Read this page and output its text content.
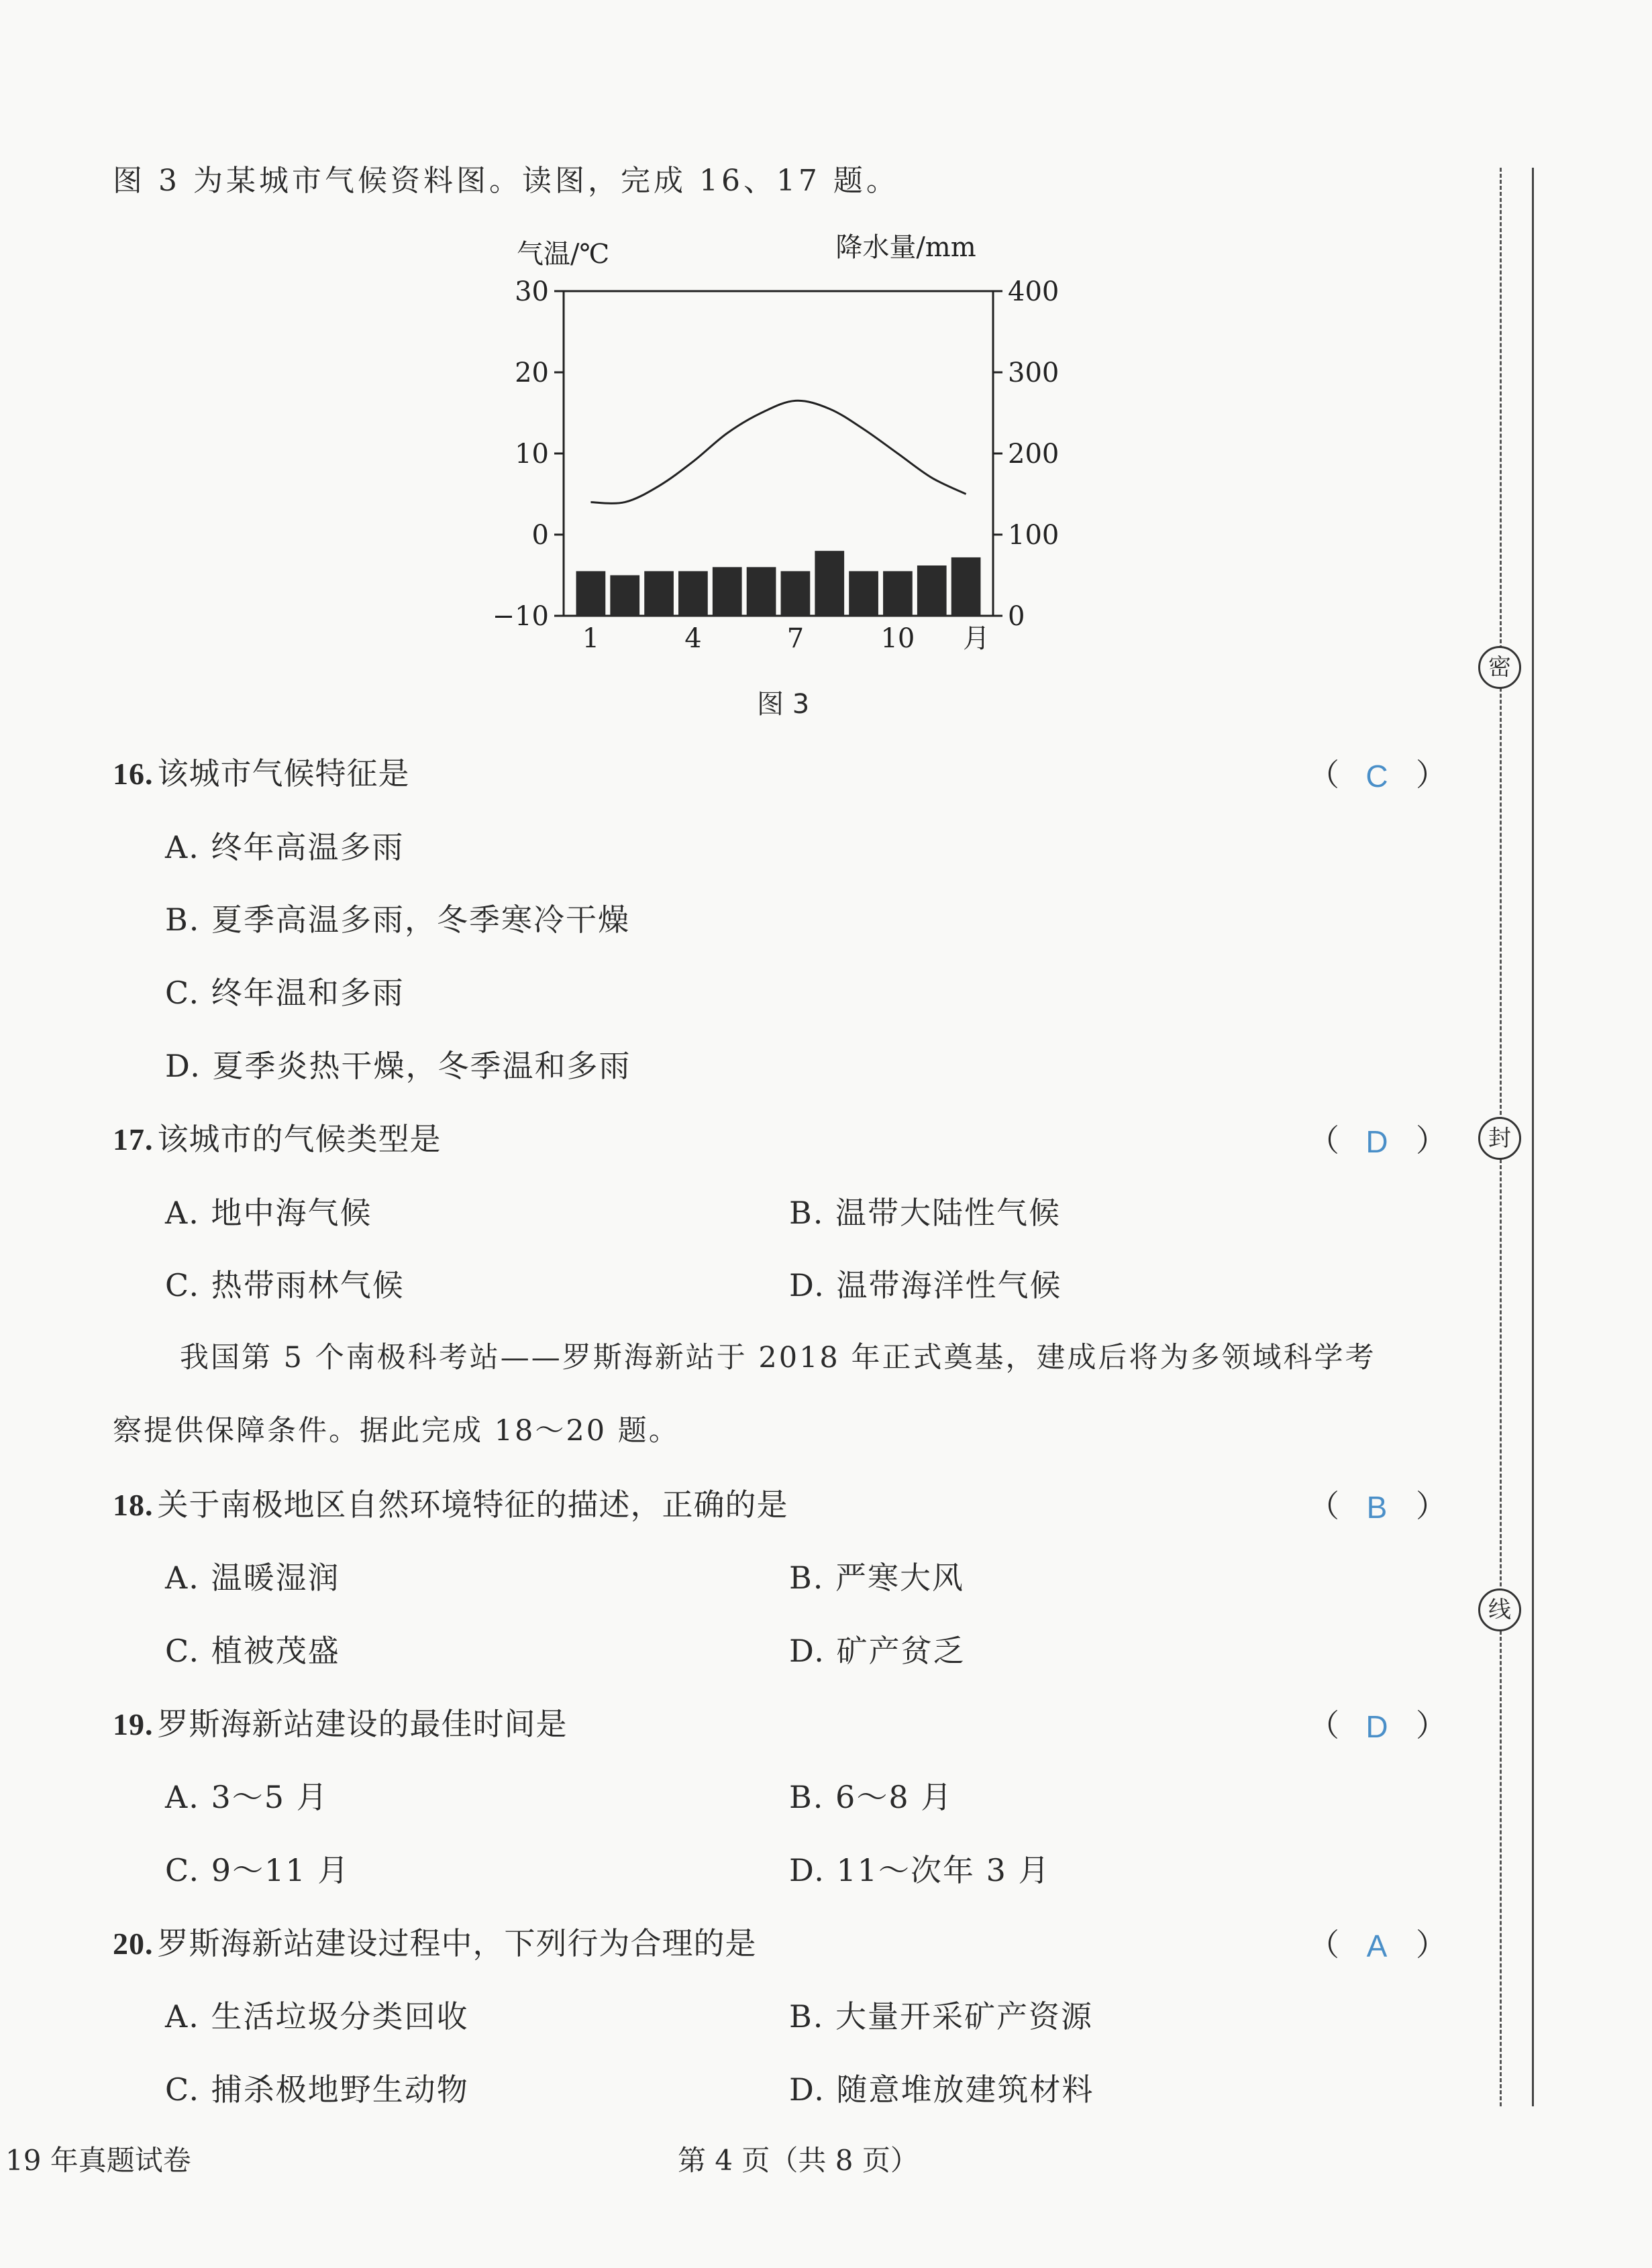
图 3 为某城市气候资料图。读图，完成 16、17 题。
气温/℃	降水量/mm
30
20
10
0
−10
400
300
200
100
0
1	4	7	10 月
图 3
16. 该城市气候特征是	（ C ）
A. 终年高温多雨
B. 夏季高温多雨，冬季寒冷干燥
C. 终年温和多雨
D. 夏季炎热干燥，冬季温和多雨
17. 该城市的气候类型是	（ D ）
A. 地中海气候	B. 温带大陆性气候
C. 热带雨林气候	D. 温带海洋性气候
我国第 5 个南极科考站——罗斯海新站于 2018 年正式奠基，建成后将为多领域科学考
察提供保障条件。据此完成 18～20 题。
18. 关于南极地区自然环境特征的描述，正确的是	（ B ）
A. 温暖湿润	B. 严寒大风
C. 植被茂盛	D. 矿产贫乏
19. 罗斯海新站建设的最佳时间是	（ D ）
A. 3～5 月	B. 6～8 月
C. 9～11 月	D. 11～次年 3 月
20. 罗斯海新站建设过程中，下列行为合理的是	（ A ）
A. 生活垃圾分类回收	B. 大量开采矿产资源
C. 捕杀极地野生动物	D. 随意堆放建筑材料
密
封
线
19 年真题试卷	第 4 页（共 8 页）
